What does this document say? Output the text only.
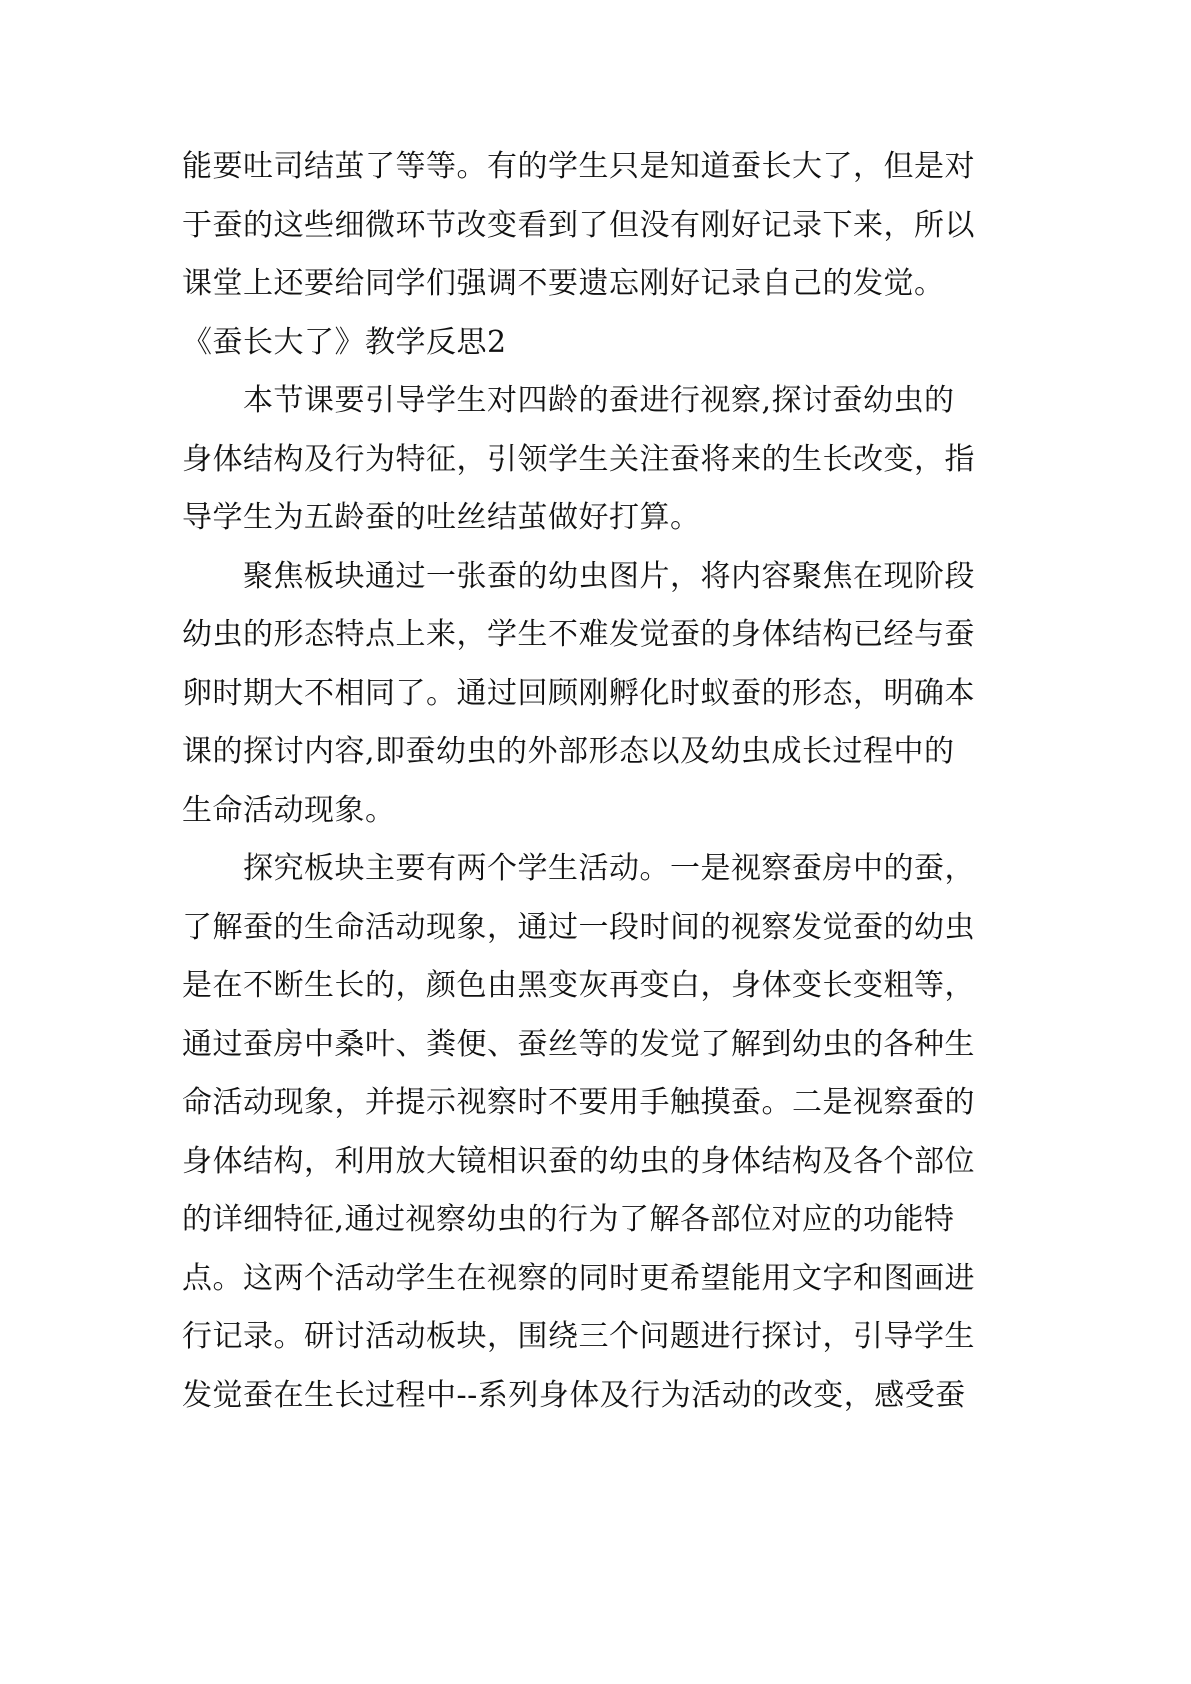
能要吐司结茧了等等。有的学生只是知道蚕长大了，但是对
于蚕的这些细微环节改变看到了但没有刚好记录下来，所以
课堂上还要给同学们强调不要遗忘刚好记录自己的发觉。
《蚕长大了》教学反思2
　　本节课要引导学生对四龄的蚕进行视察,探讨蚕幼虫的
身体结构及行为特征，引领学生关注蚕将来的生长改变，指
导学生为五龄蚕的吐丝结茧做好打算。
　　聚焦板块通过一张蚕的幼虫图片，将内容聚焦在现阶段
幼虫的形态特点上来，学生不难发觉蚕的身体结构已经与蚕
卵时期大不相同了。通过回顾刚孵化时蚁蚕的形态，明确本
课的探讨内容,即蚕幼虫的外部形态以及幼虫成长过程中的
生命活动现象。
　　探究板块主要有两个学生活动。一是视察蚕房中的蚕，
了解蚕的生命活动现象，通过一段时间的视察发觉蚕的幼虫
是在不断生长的，颜色由黑变灰再变白，身体变长变粗等，
通过蚕房中桑叶、粪便、蚕丝等的发觉了解到幼虫的各种生
命活动现象，并提示视察时不要用手触摸蚕。二是视察蚕的
身体结构，利用放大镜相识蚕的幼虫的身体结构及各个部位
的详细特征,通过视察幼虫的行为了解各部位对应的功能特
点。这两个活动学生在视察的同时更希望能用文字和图画进
行记录。研讨活动板块，围绕三个问题进行探讨，引导学生
发觉蚕在生长过程中--系列身体及行为活动的改变，感受蚕
